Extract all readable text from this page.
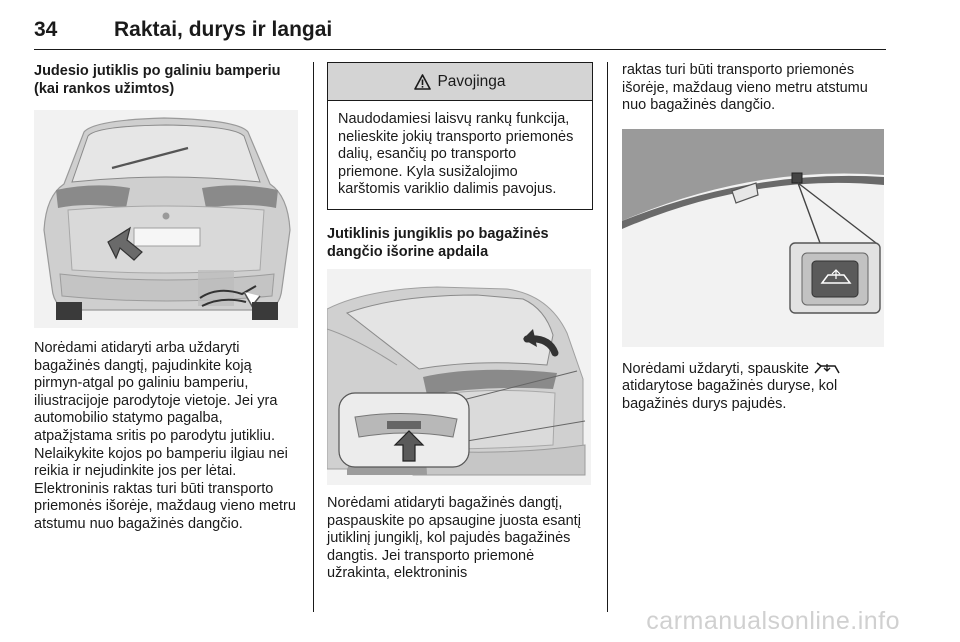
34	Raktai, durys ir langai
Judesio jutiklis po galiniu bamperiu (kai rankos užimtos)
Norėdami atidaryti arba uždaryti bagažinės dangtį, pajudinkite koją pirmyn-atgal po galiniu bamperiu, iliustracijoje parodytoje vietoje. Jei yra automobilio statymo pagalba, atpažįstama sritis po parodytu jutikliu. Nelaikykite kojos po bamperiu ilgiau nei reikia ir nejudinkite jos per lėtai. Elektroninis raktas turi būti transporto priemonės išorėje, maždaug vieno metru atstumu nuo bagažinės dangčio.
Pavojinga
Naudodamiesi laisvų rankų funkcija, nelieskite jokių transporto priemonės dalių, esančių po transporto priemone. Kyla susižalojimo karštomis variklio dalimis pavojus.
Jutiklinis jungiklis po bagažinės dangčio išorine apdaila
Norėdami atidaryti bagažinės dangtį, paspauskite po apsaugine juosta esantį jutiklinį jungiklį, kol pajudės bagažinės dangtis. Jei transporto priemonė užrakinta, elektroninis
raktas turi būti transporto priemonės išorėje, maždaug vieno metru atstumu nuo bagažinės dangčio.
Norėdami uždaryti, spauskite  atidarytose bagažinės duryse, kol bagažinės durys pajudės.
carmanualsonline.info
